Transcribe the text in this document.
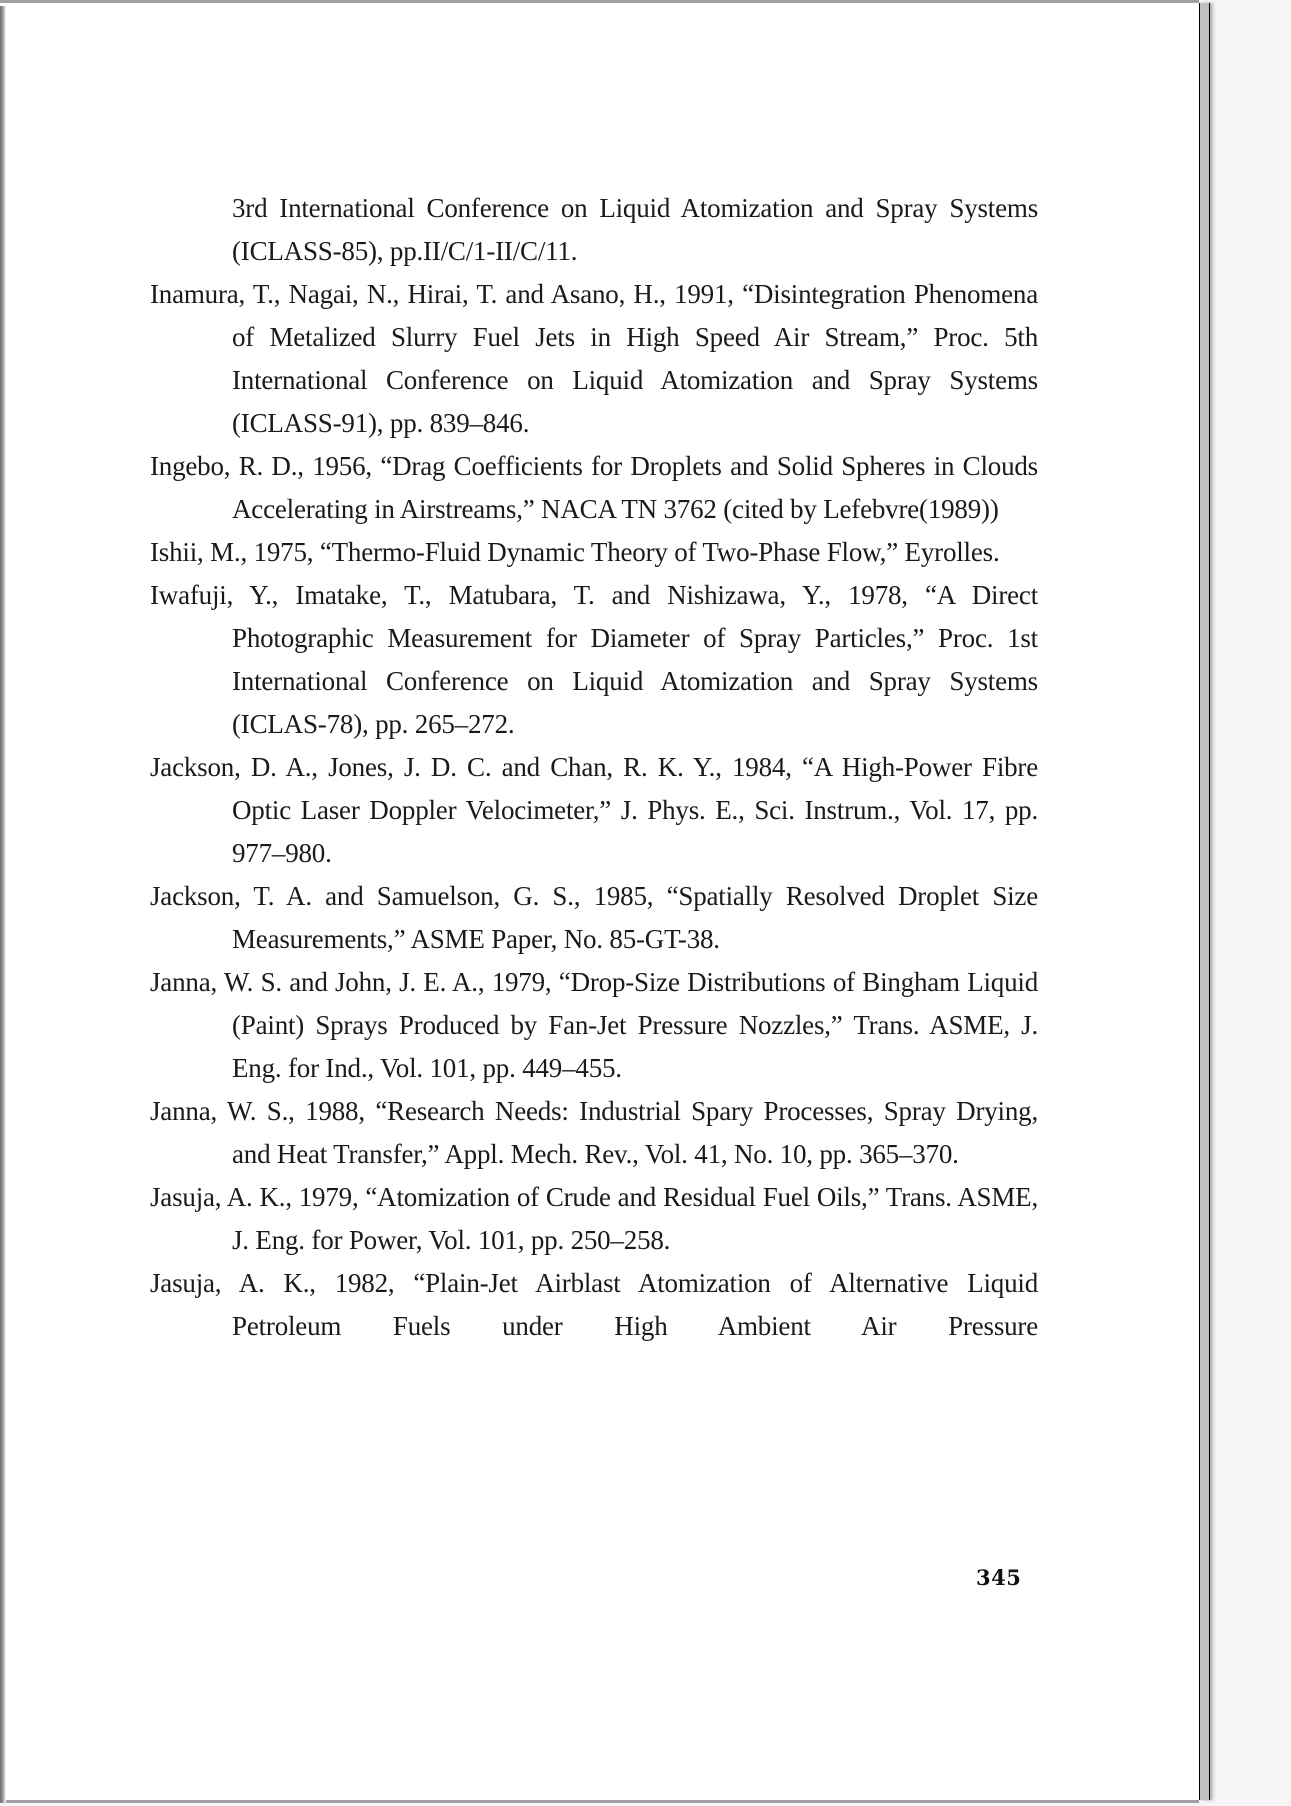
3rd International Conference on Liquid Atomization and Spray Systems (ICLASS-85), pp.II/C/1-II/C/11.
Inamura, T., Nagai, N., Hirai, T. and Asano, H., 1991, “Disintegration Phenomena of Metalized Slurry Fuel Jets in High Speed Air Stream,” Proc. 5th International Conference on Liquid Atomization and Spray Systems (ICLASS-91), pp. 839–846.
Ingebo, R. D., 1956, “Drag Coefficients for Droplets and Solid Spheres in Clouds Accelerating in Airstreams,” NACA TN 3762 (cited by Lefebvre(1989))
Ishii, M., 1975, “Thermo-Fluid Dynamic Theory of Two-Phase Flow,” Eyrolles.
Iwafuji, Y., Imatake, T., Matubara, T. and Nishizawa, Y., 1978, “A Direct Photographic Measurement for Diameter of Spray Particles,” Proc. 1st International Conference on Liquid Atomization and Spray Systems (ICLAS-78), pp. 265–272.
Jackson, D. A., Jones, J. D. C. and Chan, R. K. Y., 1984, “A High-Power Fibre Optic Laser Doppler Velocimeter,” J. Phys. E., Sci. Instrum., Vol. 17, pp. 977–980.
Jackson, T. A. and Samuelson, G. S., 1985, “Spatially Resolved Droplet Size Measurements,” ASME Paper, No. 85-GT-38.
Janna, W. S. and John, J. E. A., 1979, “Drop-Size Distributions of Bingham Liquid (Paint) Sprays Produced by Fan-Jet Pressure Nozzles,” Trans. ASME, J. Eng. for Ind., Vol. 101, pp. 449–455.
Janna, W. S., 1988, “Research Needs: Industrial Spary Processes, Spray Drying, and Heat Transfer,” Appl. Mech. Rev., Vol. 41, No. 10, pp. 365–370.
Jasuja, A. K., 1979, “Atomization of Crude and Residual Fuel Oils,” Trans. ASME, J. Eng. for Power, Vol. 101, pp. 250–258.
Jasuja, A. K., 1982, “Plain-Jet Airblast Atomization of Alternative Liquid Petroleum Fuels under High Ambient Air Pressure
345
